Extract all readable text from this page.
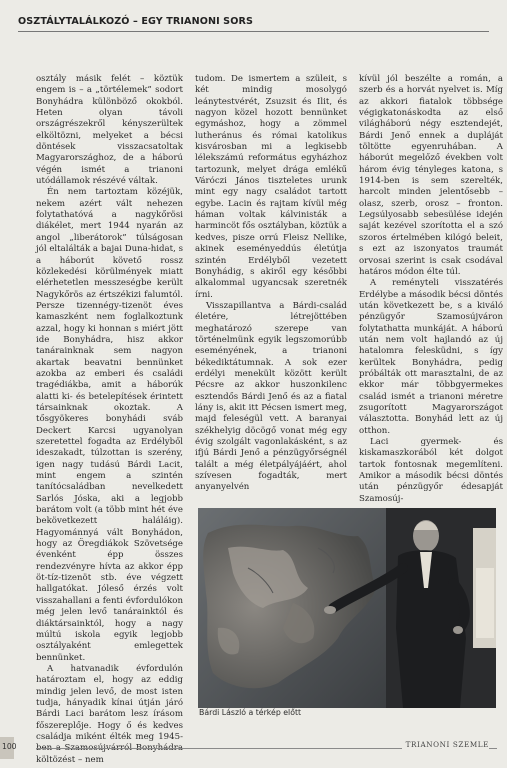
OSZTÁLYTALÁLKOZÓ – EGY TRIANONI SORS

osztály másik felét – köztük engem is – a „törtélemek” sodort Bonyhádra különböző okokból. Heten olyan távoli országrészekről kényszerültek elköltözni, melyeket a bécsi döntések visszacsatoltak Magyarországhoz, de a háború végén ismét a trianoni utódállamok részévé váltak.

Én nem tartoztam közéjük, nekem azért vált nehezen folytathatóvá a nagykőrösi diákélet, mert 1944 nyarán az angol „liberátorok” túlságosan jól eltalálták a bajai Duna-hidat, s a háborút követő rossz közlekedési körülmények miatt elérhetetlen messzeségbe került Nagykőrös az értszékizi falumtól. Persze tizennégy-tizenöt éves kamaszként nem foglalkoztunk azzal, hogy ki honnan s miért jött ide Bonyhádra, hisz akkor tanárainknak sem nagyon akartak beavatni bennünket azokba az emberi és családi tragédiákba, amit a háborúk alatti ki- és betelepítések érintett társainknak okoztak. A tősgyökeres bonyhádi sváb Deckert Karcsi ugyanolyan szeretettel fogadta az Erdélyből ideszakadt, túlzottan is szerény, igen nagy tudású Bárdi Lacit, mint engem a szintén tanítócsaládban nevelkedett Sarlós Jóska, aki a legjobb barátom volt (a több mint hét éve bekövetkezett haláláig). Hagyománnyá vált Bonyhádon, hogy az Öregdiákok Szövetsége évenként épp összes rendezvényre hívta az akkor épp öt-tíz-tizenöt stb. éve végzett hallgatókat. Jóleső érzés volt visszahallani a fenti évfordulókon még jelen levő tanárainktól és diáktársainktól, hogy a nagy múltú iskola egyik legjobb osztályaként emlegettek bennünket.

A hatvanadik évfordulón határoztam el, hogy az eddig mindig jelen levő, de most isten tudja, hányadik kínai útján járó Bárdi Laci barátom lesz írásom főszereplője. Hogy ő és kedves családja miként élték meg 1945-ben a Szamosújvárról Bonyhádra költözést – nem

tudom. De ismertem a szüleit, s két mindig mosolygó leánytestvérét, Zsuzsit és Ilit, és nagyon közel hozott bennünket egymáshoz, hogy a zömmel lutheránus és római katolikus kisvárosban mi a legkisebb lélekszámú református egyházhoz tartozunk, melyet drága emlékű Váróczi János tiszteletes urunk mint egy nagy családot tartott egybe. Lacin és rajtam kívül még háman voltak kálvinisták a harmincöt fős osztályban, köztük a kedves, pisze orrú Fleisz Nellike, akinek eseményeddús életútja szintén Erdélyből vezetett Bonyhádig, s akiről egy későbbi alkalommal ugyancsak szeretnék írni.

Visszapillantva a Bárdi-család életére, létrejöttében meghatározó szerepe van történelmünk egyik legszomorúbb eseményének, a trianoni békediktátumnak. A sok ezer erdélyi menekült között került Pécsre az akkor huszonkilenc esztendős Bárdi Jenő és az a fiatal lány is, akit itt Pécsen ismert meg, majd feleségül vett. A baranyai székhelyig döcögő vonat még egy évig szolgált vagonlakásként, s az ifjú Bárdi Jenő a pénzügyőrségnél talált a még életpályájáért, ahol szívesen fogadták, mert anyanyelvén

kívül jól beszélte a román, a szerb és a horvát nyelvet is. Míg az akkori fiatalok többsége végigkatonáskodta az első világháború négy esztendejét, Bárdi Jenő ennek a dupláját töltötte egyenruhában. A háborút megelőző években volt három évig tényleges katona, s 1914-ben is sem szerelték, harcolt minden jelentősebb – olasz, szerb, orosz – fronton. Legsúlyosabb sebesülése idején saját kezével szorította el a szó szoros értelmében kilógó beleit, s ezt az iszonyatos traumát orvosai szerint is csak csodával határos módon élte túl.

A reményteli visszatérés Erdélybe a második bécsi döntés után következett be, s a kiváló pénzügyőr Szamosújváron folytathatta munkáját. A háború után nem volt hajlandó az új hatalomra felesküdni, s így kerültek Bonyhádra, pedig próbálták ott marasztalni, de az ekkor már többgyermekes család ismét a trianoni méretre zsugorított Magyarországot választotta. Bonyhád lett az új otthon.

Laci gyermek- és kiskamaszkorából két dolgot tartok fontosnak megemlíteni. Amikor a második bécsi döntés után pénzügyőr édesapját Szamosúj-

Bárdi László a térkép előtt
100	TRIANONI SZEMLE
